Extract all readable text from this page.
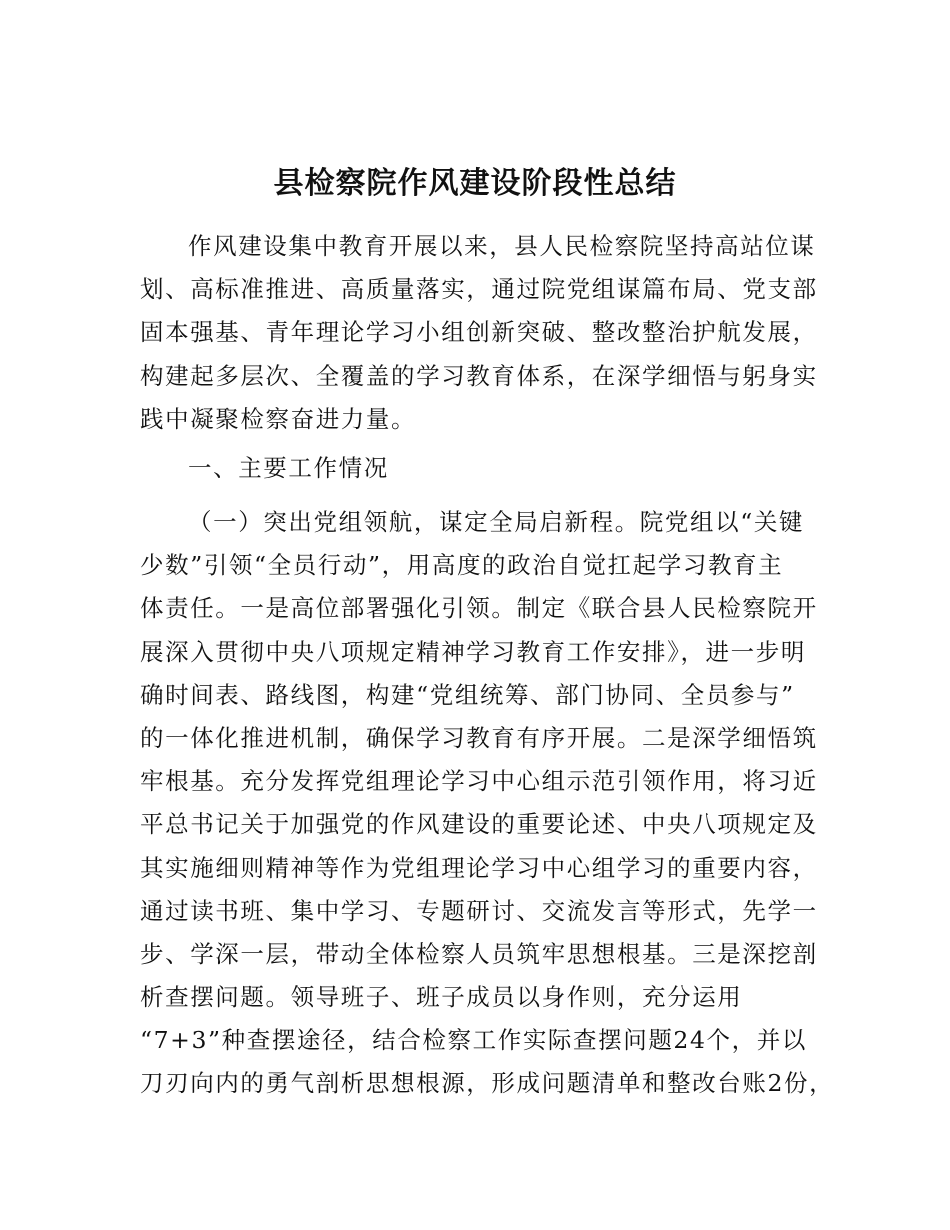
县检察院作风建设阶段性总结
作风建设集中教育开展以来，县人民检察院坚持高站位谋
划、高标准推进、高质量落实，通过院党组谋篇布局、党支部
固本强基、青年理论学习小组创新突破、整改整治护航发展，
构建起多层次、全覆盖的学习教育体系，在深学细悟与躬身实
践中凝聚检察奋进力量。
一、主要工作情况
（一）突出党组领航，谋定全局启新程。院党组以“关键
少数”引领“全员行动”，用高度的政治自觉扛起学习教育主
体责任。一是高位部署强化引领。制定《联合县人民检察院开
展深入贯彻中央八项规定精神学习教育工作安排》，进一步明
确时间表、路线图，构建“党组统筹、部门协同、全员参与”
的一体化推进机制，确保学习教育有序开展。二是深学细悟筑
牢根基。充分发挥党组理论学习中心组示范引领作用，将习近
平总书记关于加强党的作风建设的重要论述、中央八项规定及
其实施细则精神等作为党组理论学习中心组学习的重要内容，
通过读书班、集中学习、专题研讨、交流发言等形式，先学一
步、学深一层，带动全体检察人员筑牢思想根基。三是深挖剖
析查摆问题。领导班子、班子成员以身作则，充分运用
“7+3”种查摆途径，结合检察工作实际查摆问题24个，并以
刀刃向内的勇气剖析思想根源，形成问题清单和整改台账2份，
